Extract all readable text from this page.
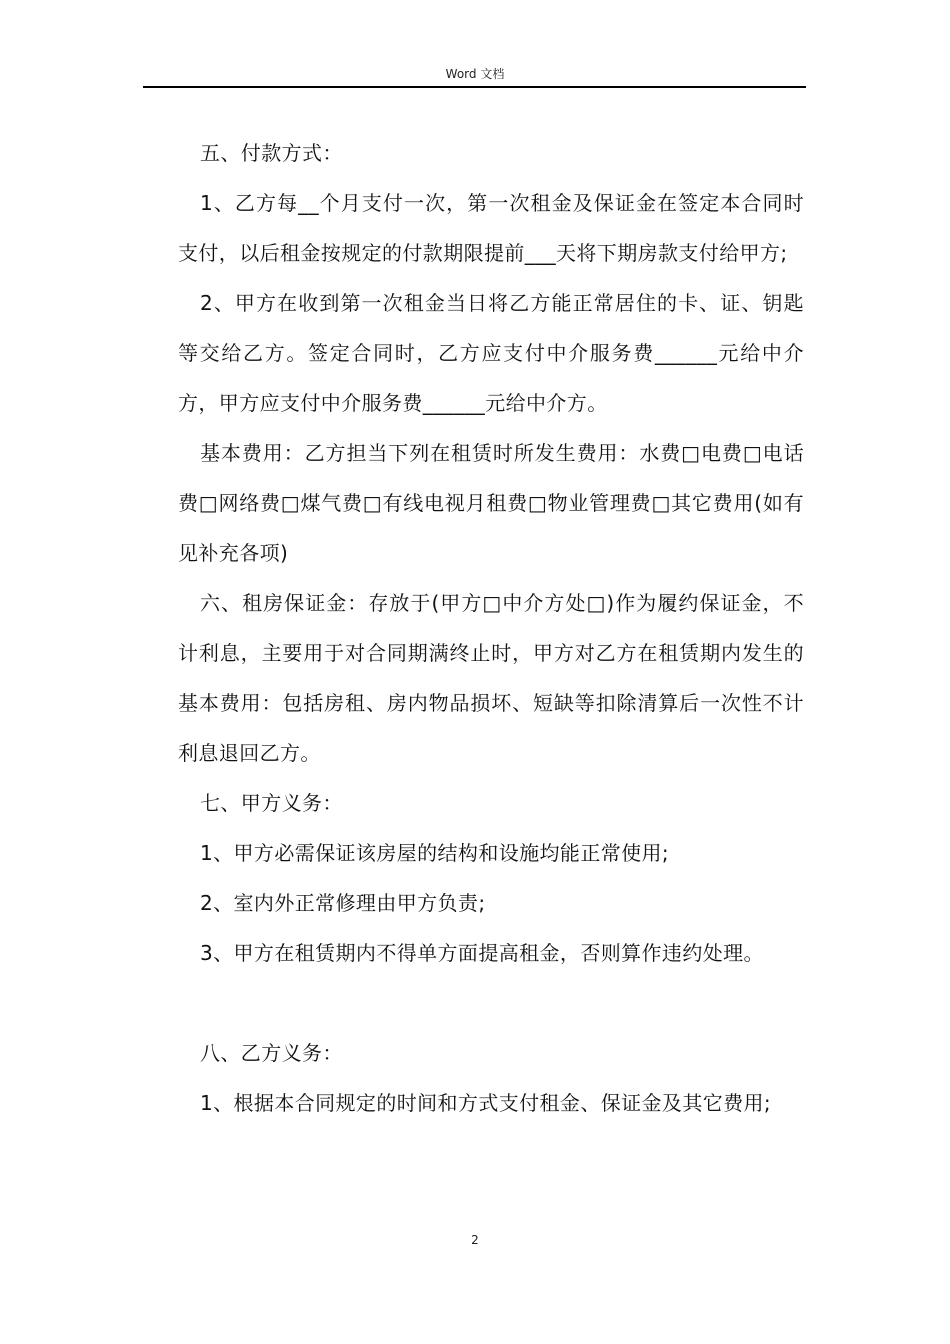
Word 文档

五、付款方式：

1、乙方每__个月支付一次，第一次租金及保证金在签定本合同时支付，以后租金按规定的付款期限提前___天将下期房款支付给甲方;

2、甲方在收到第一次租金当日将乙方能正常居住的卡、证、钥匙等交给乙方。签定合同时，乙方应支付中介服务费______元给中介方，甲方应支付中介服务费______元给中介方。

基本费用：乙方担当下列在租赁时所发生费用：水费□电费□电话费□网络费□煤气费□有线电视月租费□物业管理费□其它费用(如有见补充各项)

六、租房保证金：存放于(甲方□中介方处□)作为履约保证金，不计利息，主要用于对合同期满终止时，甲方对乙方在租赁期内发生的基本费用：包括房租、房内物品损坏、短缺等扣除清算后一次性不计利息退回乙方。

七、甲方义务：

1、甲方必需保证该房屋的结构和设施均能正常使用;

2、室内外正常修理由甲方负责;

3、甲方在租赁期内不得单方面提高租金，否则算作违约处理。

八、乙方义务：

1、根据本合同规定的时间和方式支付租金、保证金及其它费用;

2
